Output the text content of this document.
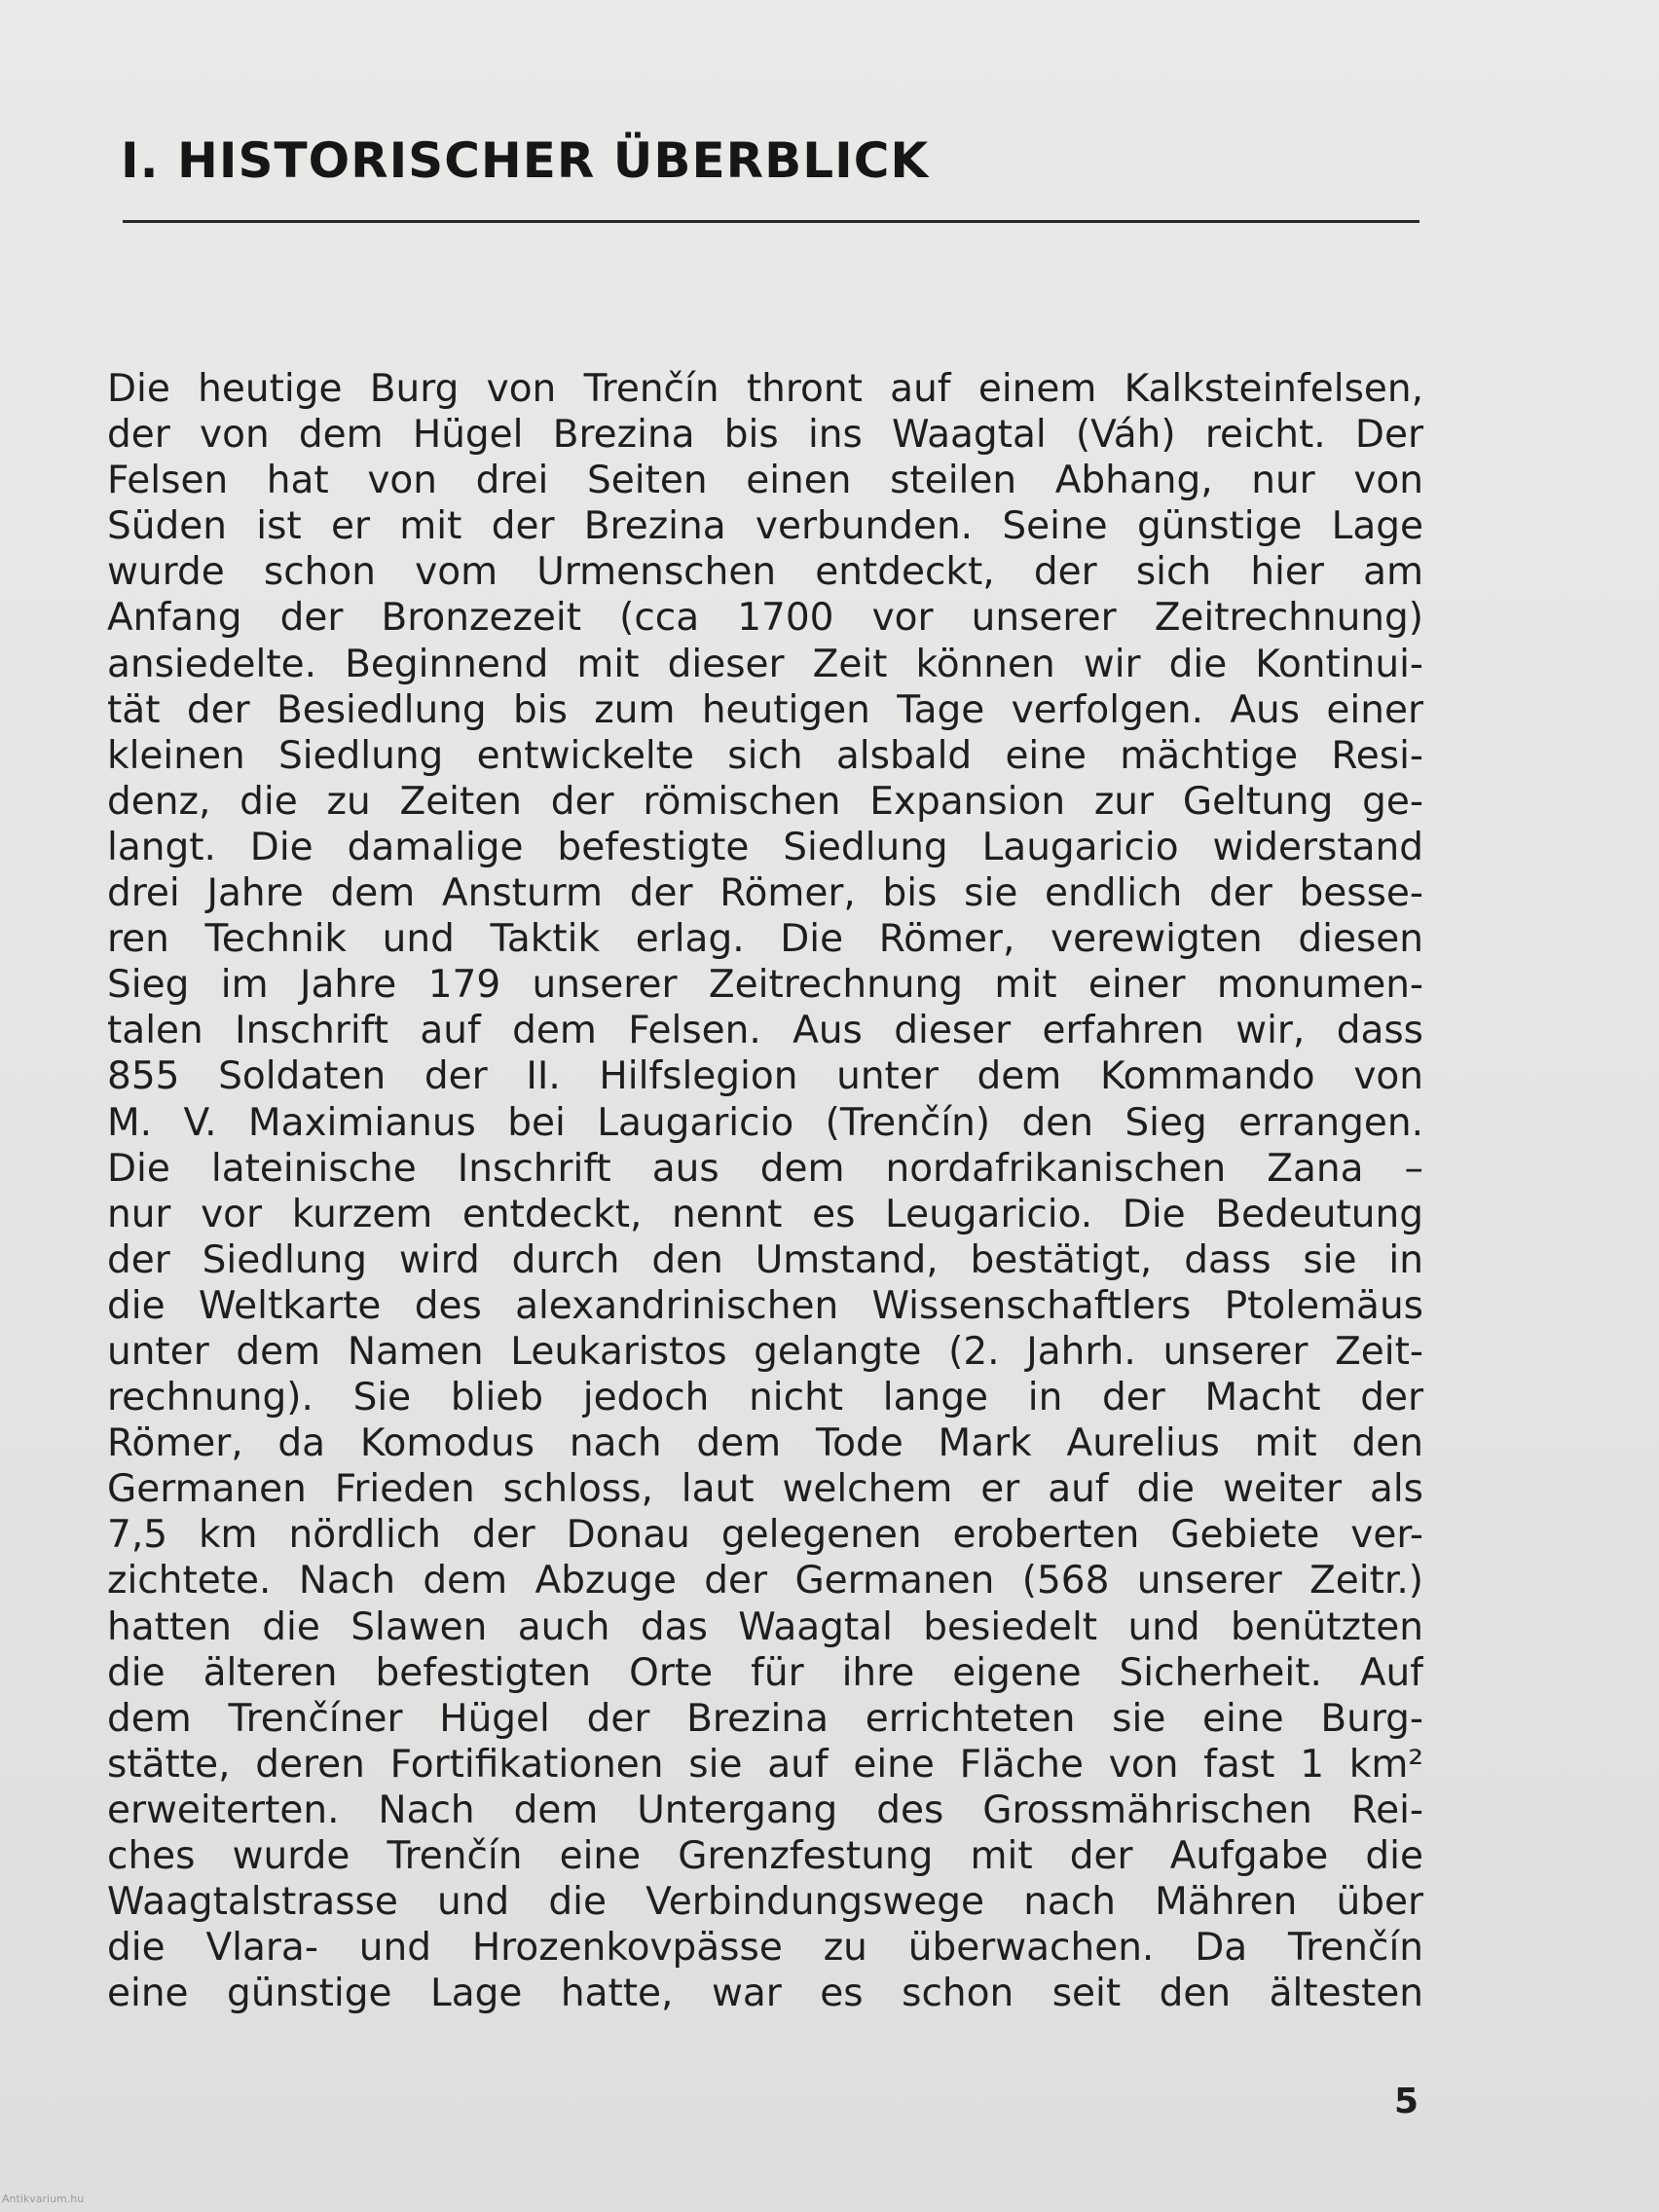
I. HISTORISCHER ÜBERBLICK
Die heutige Burg von Trenčín thront auf einem Kalksteinfelsen,
der von dem Hügel Brezina bis ins Waagtal (Váh) reicht. Der
Felsen hat von drei Seiten einen steilen Abhang, nur von
Süden ist er mit der Brezina verbunden. Seine günstige Lage
wurde schon vom Urmenschen entdeckt, der sich hier am
Anfang der Bronzezeit (cca 1700 vor unserer Zeitrechnung)
ansiedelte. Beginnend mit dieser Zeit können wir die Kontinui-
tät der Besiedlung bis zum heutigen Tage verfolgen. Aus einer
kleinen Siedlung entwickelte sich alsbald eine mächtige Resi-
denz, die zu Zeiten der römischen Expansion zur Geltung ge-
langt. Die damalige befestigte Siedlung Laugaricio widerstand
drei Jahre dem Ansturm der Römer, bis sie endlich der besse-
ren Technik und Taktik erlag. Die Römer, verewigten diesen
Sieg im Jahre 179 unserer Zeitrechnung mit einer monumen-
talen Inschrift auf dem Felsen. Aus dieser erfahren wir, dass
855 Soldaten der II. Hilfslegion unter dem Kommando von
M. V. Maximianus bei Laugaricio (Trenčín) den Sieg errangen.
Die lateinische Inschrift aus dem nordafrikanischen Zana –
nur vor kurzem entdeckt, nennt es Leugaricio. Die Bedeutung
der Siedlung wird durch den Umstand, bestätigt, dass sie in
die Weltkarte des alexandrinischen Wissenschaftlers Ptolemäus
unter dem Namen Leukaristos gelangte (2. Jahrh. unserer Zeit-
rechnung). Sie blieb jedoch nicht lange in der Macht der
Römer, da Komodus nach dem Tode Mark Aurelius mit den
Germanen Frieden schloss, laut welchem er auf die weiter als
7,5 km nördlich der Donau gelegenen eroberten Gebiete ver-
zichtete. Nach dem Abzuge der Germanen (568 unserer Zeitr.)
hatten die Slawen auch das Waagtal besiedelt und benützten
die älteren befestigten Orte für ihre eigene Sicherheit. Auf
dem Trenčíner Hügel der Brezina errichteten sie eine Burg-
stätte, deren Fortifikationen sie auf eine Fläche von fast 1 km²
erweiterten. Nach dem Untergang des Grossmährischen Rei-
ches wurde Trenčín eine Grenzfestung mit der Aufgabe die
Waagtalstrasse und die Verbindungswege nach Mähren über
die Vlara- und Hrozenkovpässe zu überwachen. Da Trenčín
eine günstige Lage hatte, war es schon seit den ältesten
5
Antikvarium.hu
